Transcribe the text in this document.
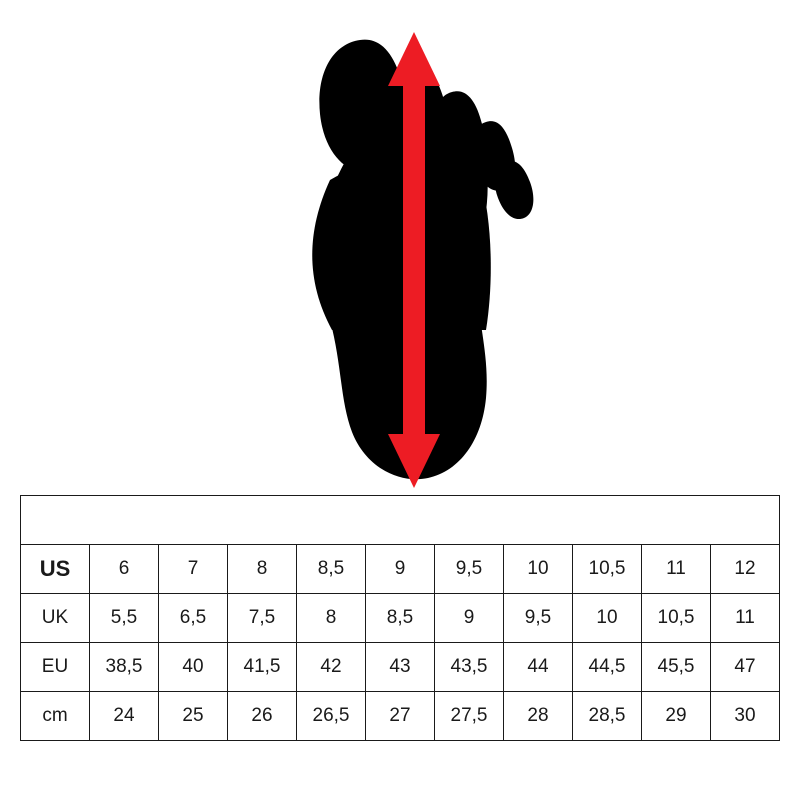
Zapatillas MTB										
US	6	7	8	8,5	9	9,5	10	10,5	11	12
UK	5,5	6,5	7,5	8	8,5	9	9,5	10	10,5	11
EU	38,5	40	41,5	42	43	43,5	44	44,5	45,5	47
cm	24	25	26	26,5	27	27,5	28	28,5	29	30
